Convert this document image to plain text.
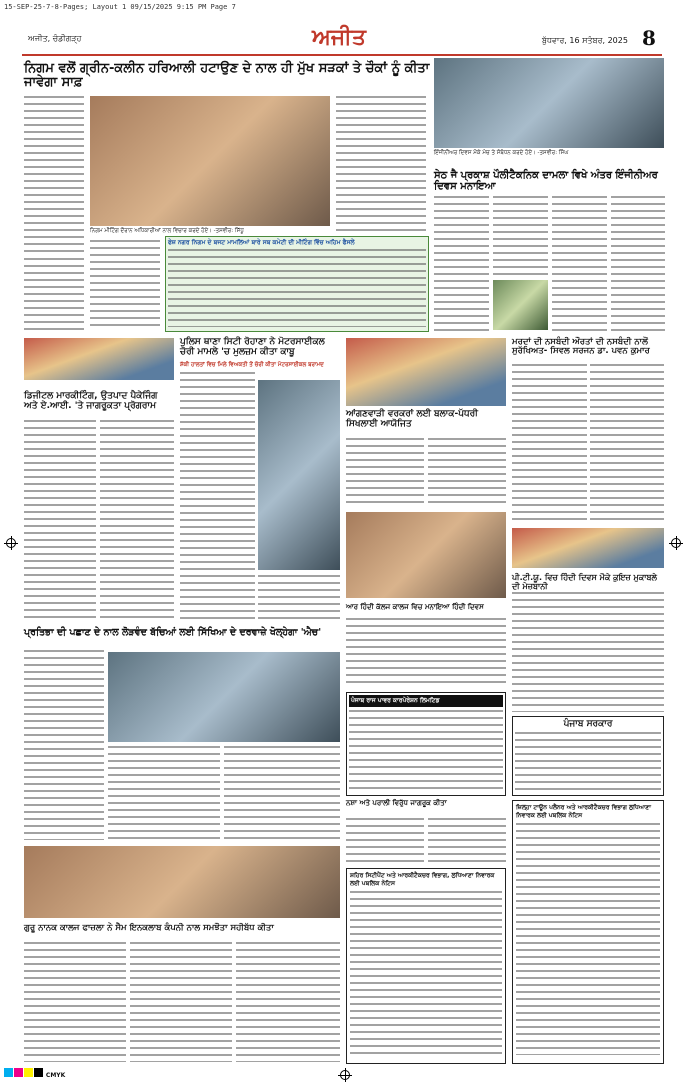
15-SEP-25-7-8-Pages; Layout 1 09/15/2025 9:15 PM Page 7
ਅਜੀਤ, ਚੰਡੀਗੜ੍ਹ	ਅਜੀਤ	ਬੁੱਧਵਾਰ, 16 ਸਤੰਬਰ, 2025 8
ਨਿਗਮ ਵਲੋਂ ਗ੍ਰੀਨ-ਕਲੀਨ ਹਰਿਆਲੀ ਹਟਾਉਣ ਦੇ ਨਾਲ ਹੀ ਮੁੱਖ ਸੜਕਾਂ ਤੇ ਚੌਕਾਂ ਨੂੰ ਕੀਤਾ ਜਾਵੇਗਾ ਸਾਫ਼
ਨਿਗਮ ਮੀਟਿੰਗ ਦੌਰਾਨ ਅਧਿਕਾਰੀਆਂ ਨਾਲ ਵਿਚਾਰ ਕਰਦੇ ਹੋਏ। -ਤਸਵੀਰ: ਸਿੱਧੂ
ਫੇਜ਼ ਨਗਰ ਨਿਗਮ ਦੇ ਬਜਟ ਮਾਮਲਿਆਂ ਬਾਰੇ ਸਬ ਕਮੇਟੀ ਦੀ ਮੀਟਿੰਗ ਵਿੱਚ ਅਹਿਮ ਫੈਸਲੇ
ਇੰਜੀਨੀਅਰ ਦਿਵਸ ਮੌਕੇ ਮੰਚ ਤੇ ਸੰਬੋਧਨ ਕਰਦੇ ਹੋਏ। -ਤਸਵੀਰ: ਸਿੰਘ
ਸੇਠ ਜੈ ਪ੍ਰਕਾਸ਼ ਪੌਲੀਟੈਕਨਿਕ ਦਾਮਲਾ ਵਿਖੇ ਅੰਤਰ ਇੰਜੀਨੀਅਰ ਦਿਵਸ ਮਨਾਇਆ
ਡਿਜੀਟਲ ਮਾਰਕੀਟਿੰਗ, ਉਤਪਾਦ ਪੈਕੇਜਿੰਗ ਅਤੇ ਏ.ਆਈ. 'ਤੇ ਜਾਗਰੂਕਤਾ ਪ੍ਰੋਗਰਾਮ
ਪੁਲਿਸ ਥਾਣਾ ਸਿਟੀ ਰੋਹਾਣਾ ਨੇ ਮੋਟਰਸਾਈਕਲ ਚੋਰੀ ਮਾਮਲੇ 'ਚ ਮੁਲਜ਼ਮ ਕੀਤਾ ਕਾਬੂ
ਸ਼ੱਕੀ ਹਾਲਤਾਂ ਵਿਚ ਮਿਲੇ ਵਿਅਕਤੀ ਤੋਂ ਚੋਰੀ ਕੀਤਾ ਮੋਟਰਸਾਈਕਲ ਬਰਾਮਦ
ਆਂਗਣਵਾੜੀ ਵਰਕਰਾਂ ਲਈ ਬਲਾਕ-ਪੱਧਰੀ ਸਿਖਲਾਈ ਆਯੋਜਿਤ
ਮਰਦਾਂ ਦੀ ਨਸਬੰਦੀ ਔਰਤਾਂ ਦੀ ਨਸਬੰਦੀ ਨਾਲੋਂ ਸੁਰੱਖਿਅਤ- ਸਿਵਲ ਸਰਜਨ ਡਾ. ਪਵਨ ਕੁਮਾਰ
ਪੀ.ਟੀ.ਯੂ. ਵਿਚ ਹਿੰਦੀ ਦਿਵਸ ਮੌਕੇ ਕੁਇਜ਼ ਮੁਕਾਬਲੇ ਦੀ ਮੇਜ਼ਬਾਨੀ
ਪ੍ਰਤਿਭਾ ਦੀ ਪਛਾਣ ਦੇ ਨਾਲ ਲੋੜਵੰਦ ਬੱਚਿਆਂ ਲਈ ਸਿੱਖਿਆ ਦੇ ਦਰਵਾਜ਼ੇ ਖੋਲ੍ਹੇਗਾ 'ਐਚ'
ਆਰ ਹਿੰਦੀ ਕੱਲਜ ਕਾਲਜ ਵਿਚ ਮਨਾਇਆ ਹਿੰਦੀ ਦਿਵਸ
ਪੰਜਾਬ ਰਾਜ ਪਾਵਰ ਕਾਰਪੋਰੇਸ਼ਨ ਲਿਮਟਿਡ
ਪੰਜਾਬ ਸਰਕਾਰ
ਨਸ਼ਾ ਅਤੇ ਪਰਾਲੀ ਵਿਰੁੱਧ ਜਾਗਰੂਕ ਕੀਤਾ
ਗੁਰੂ ਨਾਨਕ ਕਾਲਜ ਫਾਜ਼ਲਾ ਨੇ ਸੈਮ ਇਨਕਲਾਬ ਕੰਪਨੀ ਨਾਲ ਸਮਝੌਤਾ ਸਹੀਬੱਧ ਕੀਤਾ
ਸ਼ਹਿਰ ਸਿਟੀਪੈਂਟ ਅਤੇ ਆਰਕੀਟੈਕਚਰ ਵਿਭਾਗ, ਲੁਧਿਆਣਾ ਨਿਵਾਰਕ ਲਈ ਪਬਲਿਕ ਨੋਟਿਸ
ਜ਼ਿਲ੍ਹਾ ਟਾਊਨ ਪਲੈਨਰ ਅਤੇ ਆਰਕੀਟੈਕਚਰ ਵਿਭਾਗ ਲੁਧਿਆਣਾ ਨਿਵਾਰਕ ਲਈ ਪਬਲਿਕ ਨੋਟਿਸ
CMYK
